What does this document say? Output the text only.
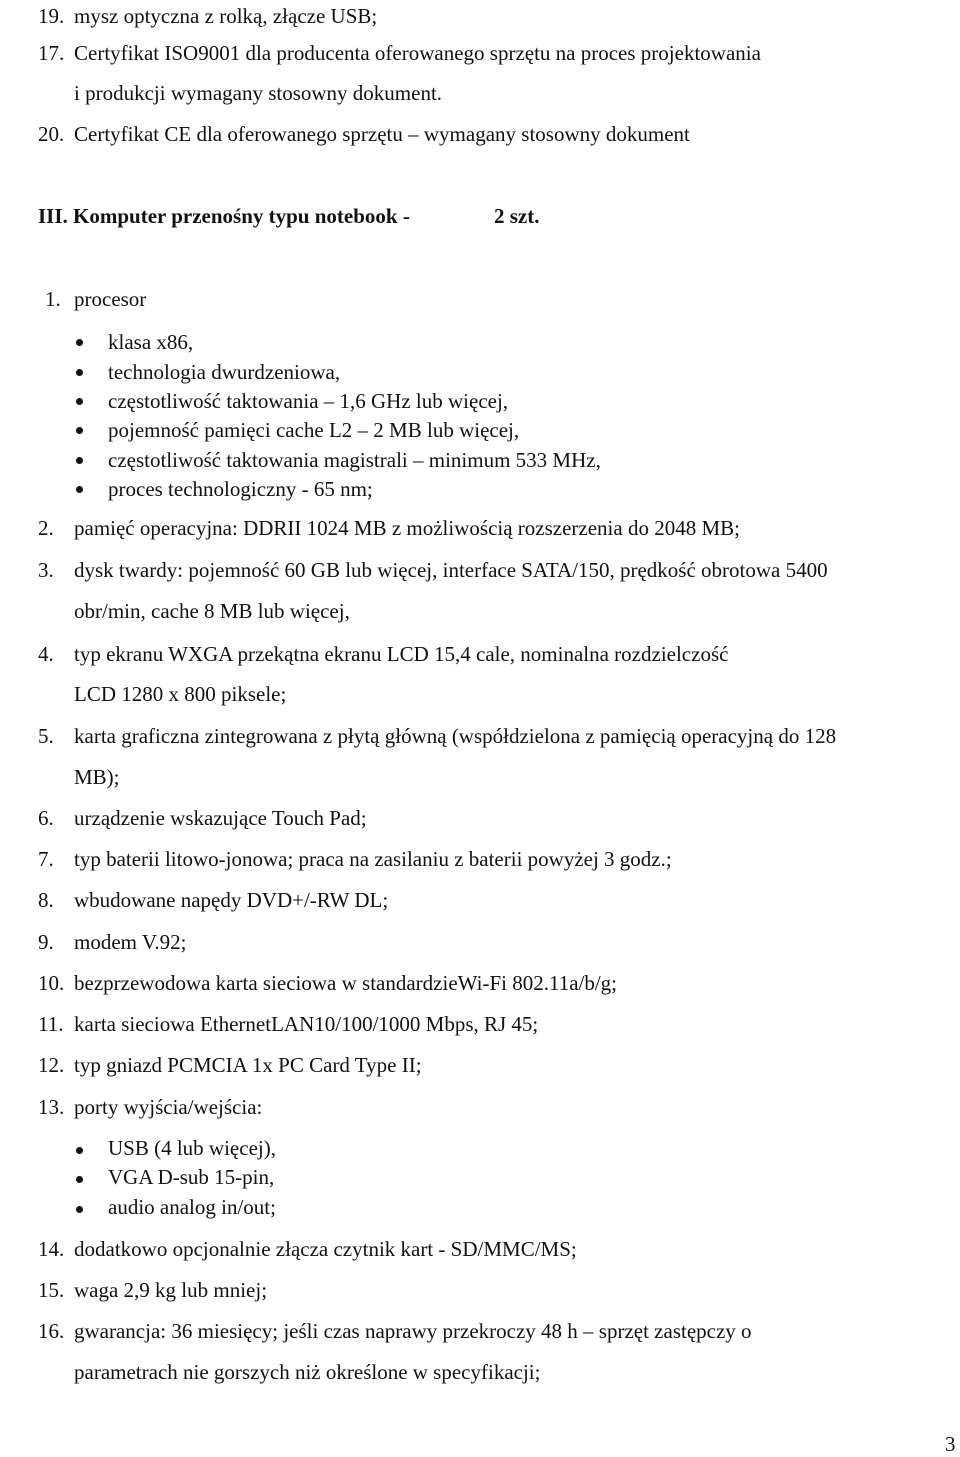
19. mysz optyczna z rolką, złącze USB;
17. Certyfikat ISO9001 dla producenta oferowanego sprzętu na proces projektowania
i produkcji wymagany stosowny dokument.
20. Certyfikat CE dla oferowanego sprzętu – wymagany stosowny dokument
III. Komputer przenośny typu notebook -	2 szt.
1. procesor
klasa x86,
technologia dwurdzeniowa,
częstotliwość taktowania – 1,6 GHz lub więcej,
pojemność pamięci cache L2 – 2 MB lub więcej,
częstotliwość taktowania magistrali – minimum 533 MHz,
proces technologiczny - 65 nm;
2. pamięć operacyjna: DDRII 1024 MB z możliwością rozszerzenia do 2048 MB;
3. dysk twardy: pojemność 60 GB lub więcej, interface SATA/150, prędkość obrotowa 5400
obr/min, cache 8 MB lub więcej,
4. typ ekranu WXGA przekątna ekranu LCD 15,4 cale, nominalna rozdzielczość
LCD 1280 x 800 piksele;
5. karta graficzna zintegrowana z płytą główną (współdzielona z pamięcią operacyjną do 128
MB);
6. urządzenie wskazujące Touch Pad;
7. typ baterii litowo-jonowa; praca na zasilaniu z baterii powyżej 3 godz.;
8. wbudowane napędy DVD+/-RW DL;
9. modem V.92;
10. bezprzewodowa karta sieciowa w standardzieWi-Fi 802.11a/b/g;
11. karta sieciowa EthernetLAN10/100/1000 Mbps, RJ 45;
12. typ gniazd PCMCIA 1x PC Card Type II;
13. porty wyjścia/wejścia:
USB (4 lub więcej),
VGA D-sub 15-pin,
audio analog in/out;
14. dodatkowo opcjonalnie złącza czytnik kart - SD/MMC/MS;
15. waga 2,9 kg lub mniej;
16. gwarancja: 36 miesięcy; jeśli czas naprawy przekroczy 48 h – sprzęt zastępczy o
parametrach nie gorszych niż określone w specyfikacji;
3
